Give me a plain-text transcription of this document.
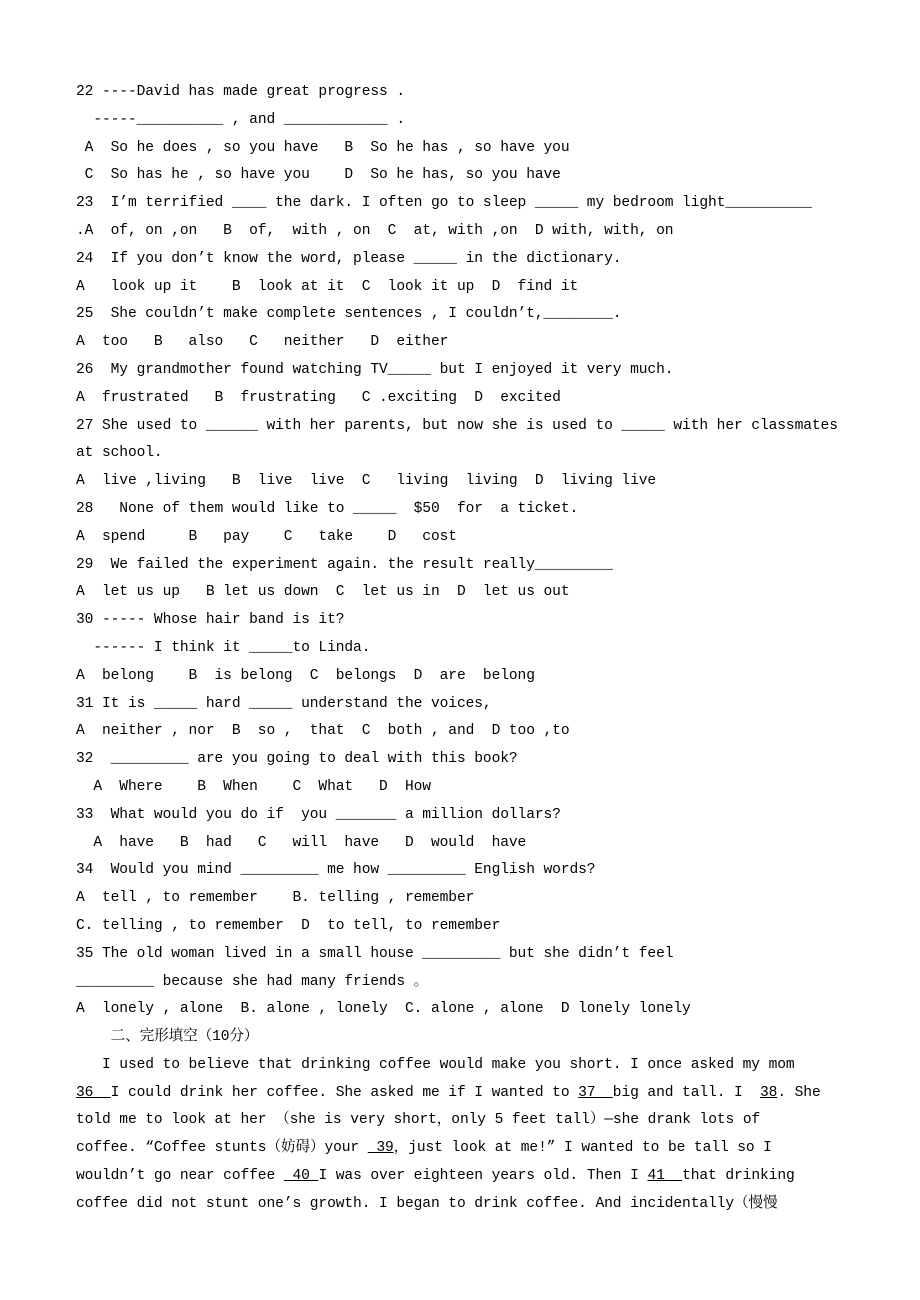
22 ----David has made great progress .
-----__________ , and ____________ .
A  So he does , so you have   B  So he has , so have you
C  So has he , so have you    D  So he has, so you have
23  I’m terrified ____ the dark. I often go to sleep _____ my bedroom light__________
.A  of, on ,on   B  of,  with , on  C  at, with ,on  D with, with, on
24  If you don’t know the word, please _____ in the dictionary.
A   look up it    B  look at it  C  look it up  D  find it
25  She couldn’t make complete sentences , I couldn’t,________.
A  too   B   also   C   neither   D  either
26  My grandmother found watching TV_____ but I enjoyed it very much.
A  frustrated   B  frustrating   C .exciting  D  excited
27 She used to ______ with her parents, but now she is used to _____ with her classmates
at school.
A  live ,living   B  live  live  C   living  living  D  living live
28   None of them would like to _____  $50  for  a ticket.
A  spend     B   pay    C   take    D   cost
29  We failed the experiment again. the result really_________
A  let us up   B let us down  C  let us in  D  let us out
30 ----- Whose hair band is it?
------ I think it _____to Linda.
A  belong    B  is belong  C  belongs  D  are  belong
31 It is _____ hard _____ understand the voices,
A  neither , nor  B  so ,  that  C  both , and  D too ,to
32  _________ are you going to deal with this book?
A  Where    B  When    C  What   D  How
33  What would you do if  you _______ a million dollars?
A  have   B  had   C   will  have   D  would  have
34  Would you mind _________ me how _________ English words?
A  tell , to remember    B. telling , remember
C. telling , to remember  D  to tell, to remember
35 The old woman lived in a small house _________ but she didn’t feel
_________ because she had many friends 。
A  lonely , alone  B. alone , lonely  C. alone , alone  D lonely lonely
二、完形填空（10分）
I used to believe that drinking coffee would make you short. I once asked my mom
36  I could drink her coffee. She asked me if I wanted to 37  big and tall. I  38. She
told me to look at her （she is very short，only 5 feet tall）—she drank lots of
coffee. “Coffee stunts（妨碍）your  39，just look at me!” I wanted to be tall so I
wouldn’t go near coffee  40 I was over eighteen years old. Then I 41  that drinking
coffee did not stunt one’s growth. I began to drink coffee. And incidentally（慢慢
